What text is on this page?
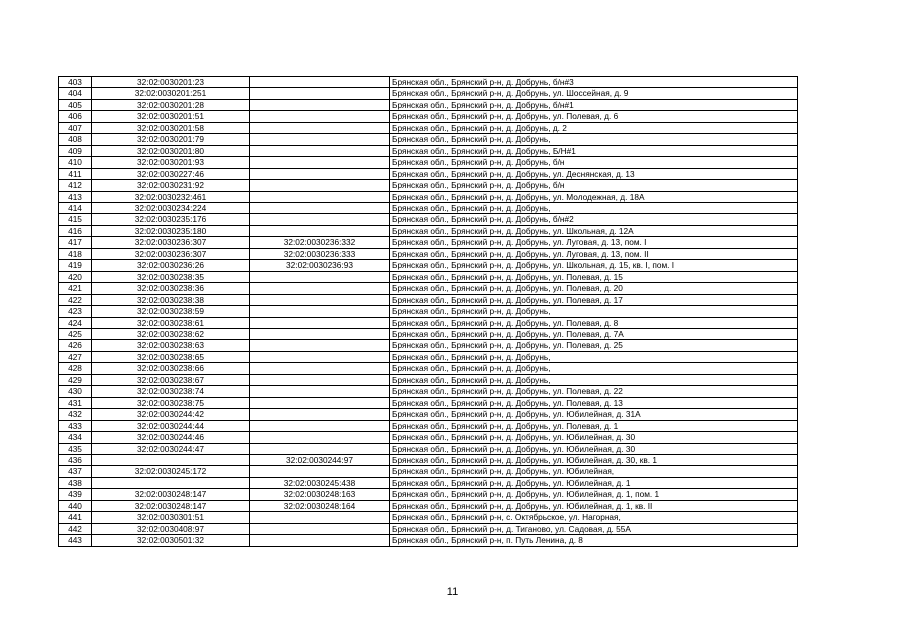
403	32:02:0030201:23		Брянская обл., Брянский р-н, д. Добрунь, б/н#3
404	32:02:0030201:251		Брянская обл., Брянский р-н, д. Добрунь, ул. Шоссейная, д. 9
405	32:02:0030201:28		Брянская обл., Брянский р-н, д. Добрунь, б/н#1
406	32:02:0030201:51		Брянская обл., Брянский р-н, д. Добрунь, ул. Полевая, д. 6
407	32:02:0030201:58		Брянская обл., Брянский р-н, д. Добрунь, д. 2
408	32:02:0030201:79		Брянская обл., Брянский р-н, д. Добрунь,
409	32:02:0030201:80		Брянская обл., Брянский р-н, д. Добрунь, Б/Н#1
410	32:02:0030201:93		Брянская обл., Брянский р-н, д. Добрунь, б/н
411	32:02:0030227:46		Брянская обл., Брянский р-н, д. Добрунь, ул. Деснянская, д. 13
412	32:02:0030231:92		Брянская обл., Брянский р-н, д. Добрунь, б/н
413	32:02:0030232:461		Брянская обл., Брянский р-н, д. Добрунь, ул. Молодежная, д. 18А
414	32:02:0030234:224		Брянская обл., Брянский р-н, д. Добрунь,
415	32:02:0030235:176		Брянская обл., Брянский р-н, д. Добрунь, б/н#2
416	32:02:0030235:180		Брянская обл., Брянский р-н, д. Добрунь, ул. Школьная, д. 12А
417	32:02:0030236:307	32:02:0030236:332	Брянская обл., Брянский р-н, д. Добрунь, ул. Луговая, д. 13, пом. I
418	32:02:0030236:307	32:02:0030236:333	Брянская обл., Брянский р-н, д. Добрунь, ул. Луговая, д. 13, пом. II
419	32:02:0030236:26	32:02:0030236:93	Брянская обл., Брянский р-н, д. Добрунь, ул. Школьная, д. 15, кв. I, пом. I
420	32:02:0030238:35		Брянская обл., Брянский р-н, д. Добрунь, ул. Полевая, д. 15
421	32:02:0030238:36		Брянская обл., Брянский р-н, д. Добрунь, ул. Полевая, д. 20
422	32:02:0030238:38		Брянская обл., Брянский р-н, д. Добрунь, ул. Полевая, д. 17
423	32:02:0030238:59		Брянская обл., Брянский р-н, д. Добрунь,
424	32:02:0030238:61		Брянская обл., Брянский р-н, д. Добрунь, ул. Полевая, д. 8
425	32:02:0030238:62		Брянская обл., Брянский р-н, д. Добрунь, ул. Полевая, д. 7А
426	32:02:0030238:63		Брянская обл., Брянский р-н, д. Добрунь, ул. Полевая, д. 25
427	32:02:0030238:65		Брянская обл., Брянский р-н, д. Добрунь,
428	32:02:0030238:66		Брянская обл., Брянский р-н, д. Добрунь,
429	32:02:0030238:67		Брянская обл., Брянский р-н, д. Добрунь,
430	32:02:0030238:74		Брянская обл., Брянский р-н, д. Добрунь, ул. Полевая, д. 22
431	32:02:0030238:75		Брянская обл., Брянский р-н, д. Добрунь, ул. Полевая, д. 13
432	32:02:0030244:42		Брянская обл., Брянский р-н, д. Добрунь, ул. Юбилейная, д. 31А
433	32:02:0030244:44		Брянская обл., Брянский р-н, д. Добрунь, ул. Полевая, д. 1
434	32:02:0030244:46		Брянская обл., Брянский р-н, д. Добрунь, ул. Юбилейная, д. 30
435	32:02:0030244:47		Брянская обл., Брянский р-н, д. Добрунь, ул. Юбилейная, д. 30
436		32:02:0030244:97	Брянская обл., Брянский р-н, д. Добрунь, ул. Юбилейная, д. 30, кв. 1
437	32:02:0030245:172		Брянская обл., Брянский р-н, д. Добрунь, ул. Юбилейная,
438		32:02:0030245:438	Брянская обл., Брянский р-н, д. Добрунь, ул. Юбилейная, д. 1
439	32:02:0030248:147	32:02:0030248:163	Брянская обл., Брянский р-н, д. Добрунь, ул. Юбилейная, д. 1, пом. 1
440	32:02:0030248:147	32:02:0030248:164	Брянская обл., Брянский р-н, д. Добрунь, ул. Юбилейная, д. 1, кв. II
441	32:02:0030301:51		Брянская обл., Брянский р-н, с. Октябрьское, ул. Нагорная,
442	32:02:0030408:97		Брянская обл., Брянский р-н, д. Тиганово, ул. Садовая, д. 55А
443	32:02:0030501:32		Брянская обл., Брянский р-н, п. Путь Ленина, д. 8
11
